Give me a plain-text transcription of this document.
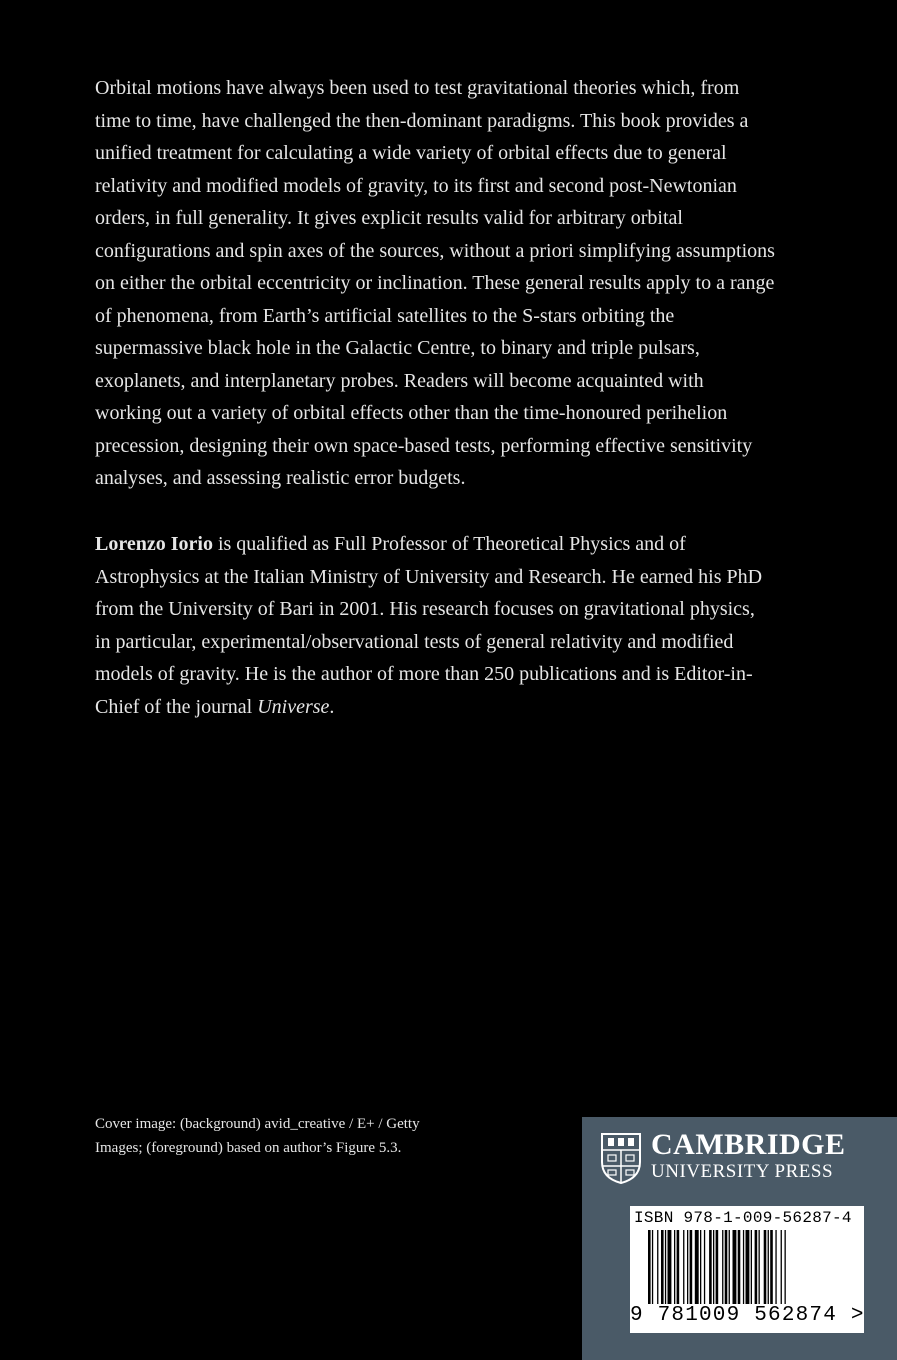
Orbital motions have always been used to test gravitational theories which, from time to time, have challenged the then-dominant paradigms. This book provides a unified treatment for calculating a wide variety of orbital effects due to general relativity and modified models of gravity, to its first and second post-Newtonian orders, in full generality. It gives explicit results valid for arbitrary orbital configurations and spin axes of the sources, without a priori simplifying assumptions on either the orbital eccentricity or inclination. These general results apply to a range of phenomena, from Earth’s artificial satellites to the S-stars orbiting the supermassive black hole in the Galactic Centre, to binary and triple pulsars, exoplanets, and interplanetary probes. Readers will become acquainted with working out a variety of orbital effects other than the time-honoured perihelion precession, designing their own space-based tests, performing effective sensitivity analyses, and assessing realistic error budgets.

Lorenzo Iorio is qualified as Full Professor of Theoretical Physics and of Astrophysics at the Italian Ministry of University and Research. He earned his PhD from the University of Bari in 2001. His research focuses on gravitational physics, in particular, experimental/observational tests of general relativity and modified models of gravity. He is the author of more than 250 publications and is Editor-in-Chief of the journal Universe.

Cover image: (background) avid_creative / E+ / Getty Images; (foreground) based on author’s Figure 5.3.	CAMBRIDGE
UNIVERSITY PRESS
ISBN 978-1-009-56287-4
9 781009 562874 >
